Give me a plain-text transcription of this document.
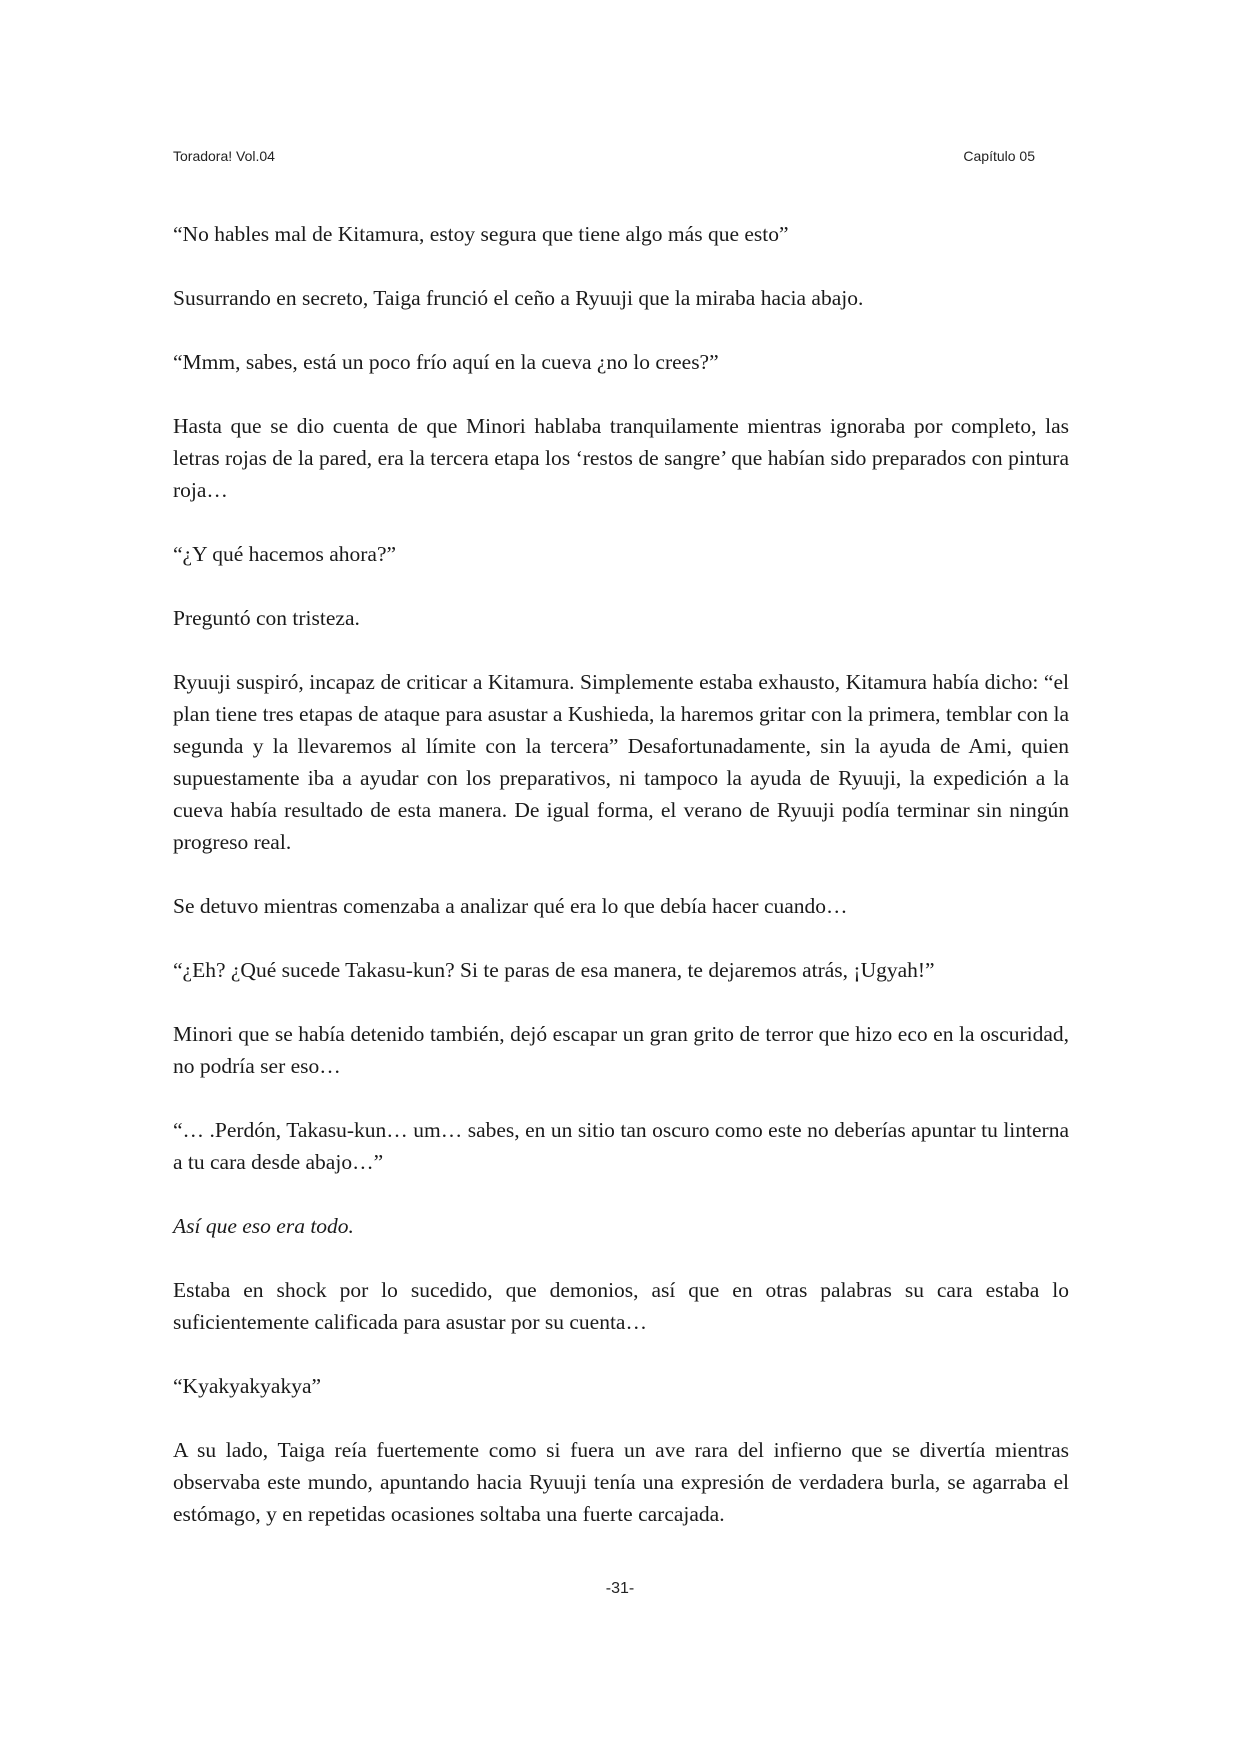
Toradora! Vol.04	Capítulo 05

“No hables mal de Kitamura, estoy segura que tiene algo más que esto”

Susurrando en secreto, Taiga frunció el ceño a Ryuuji que la miraba hacia abajo.

“Mmm, sabes, está un poco frío aquí en la cueva ¿no lo crees?”

Hasta que se dio cuenta de que Minori hablaba tranquilamente mientras ignoraba por completo, las letras rojas de la pared, era la tercera etapa los ‘restos de sangre’ que habían sido preparados con pintura roja…

“¿Y qué hacemos ahora?”

Preguntó con tristeza.

Ryuuji suspiró, incapaz de criticar a Kitamura. Simplemente estaba exhausto, Kitamura había dicho: “el plan tiene tres etapas de ataque para asustar a Kushieda, la haremos gritar con la primera, temblar con la segunda y la llevaremos al límite con la tercera” Desafortunadamente, sin la ayuda de Ami, quien supuestamente iba a ayudar con los preparativos, ni tampoco la ayuda de Ryuuji, la expedición a la cueva había resultado de esta manera. De igual forma, el verano de Ryuuji podía terminar sin ningún progreso real.

Se detuvo mientras comenzaba a analizar qué era lo que debía hacer cuando…

“¿Eh? ¿Qué sucede Takasu-kun? Si te paras de esa manera, te dejaremos atrás, ¡Ugyah!”

Minori que se había detenido también, dejó escapar un gran grito de terror que hizo eco en la oscuridad, no podría ser eso…

“… .Perdón, Takasu-kun… um… sabes, en un sitio tan oscuro como este no deberías apuntar tu linterna a tu cara desde abajo…”

Así que eso era todo.

Estaba en shock por lo sucedido, que demonios, así que en otras palabras su cara estaba lo suficientemente calificada para asustar por su cuenta…

“Kyakyakyakya”

A su lado, Taiga reía fuertemente como si fuera un ave rara del infierno que se divertía mientras observaba este mundo, apuntando hacia Ryuuji tenía una expresión de verdadera burla, se agarraba el estómago, y en repetidas ocasiones soltaba una fuerte carcajada.

-31-
